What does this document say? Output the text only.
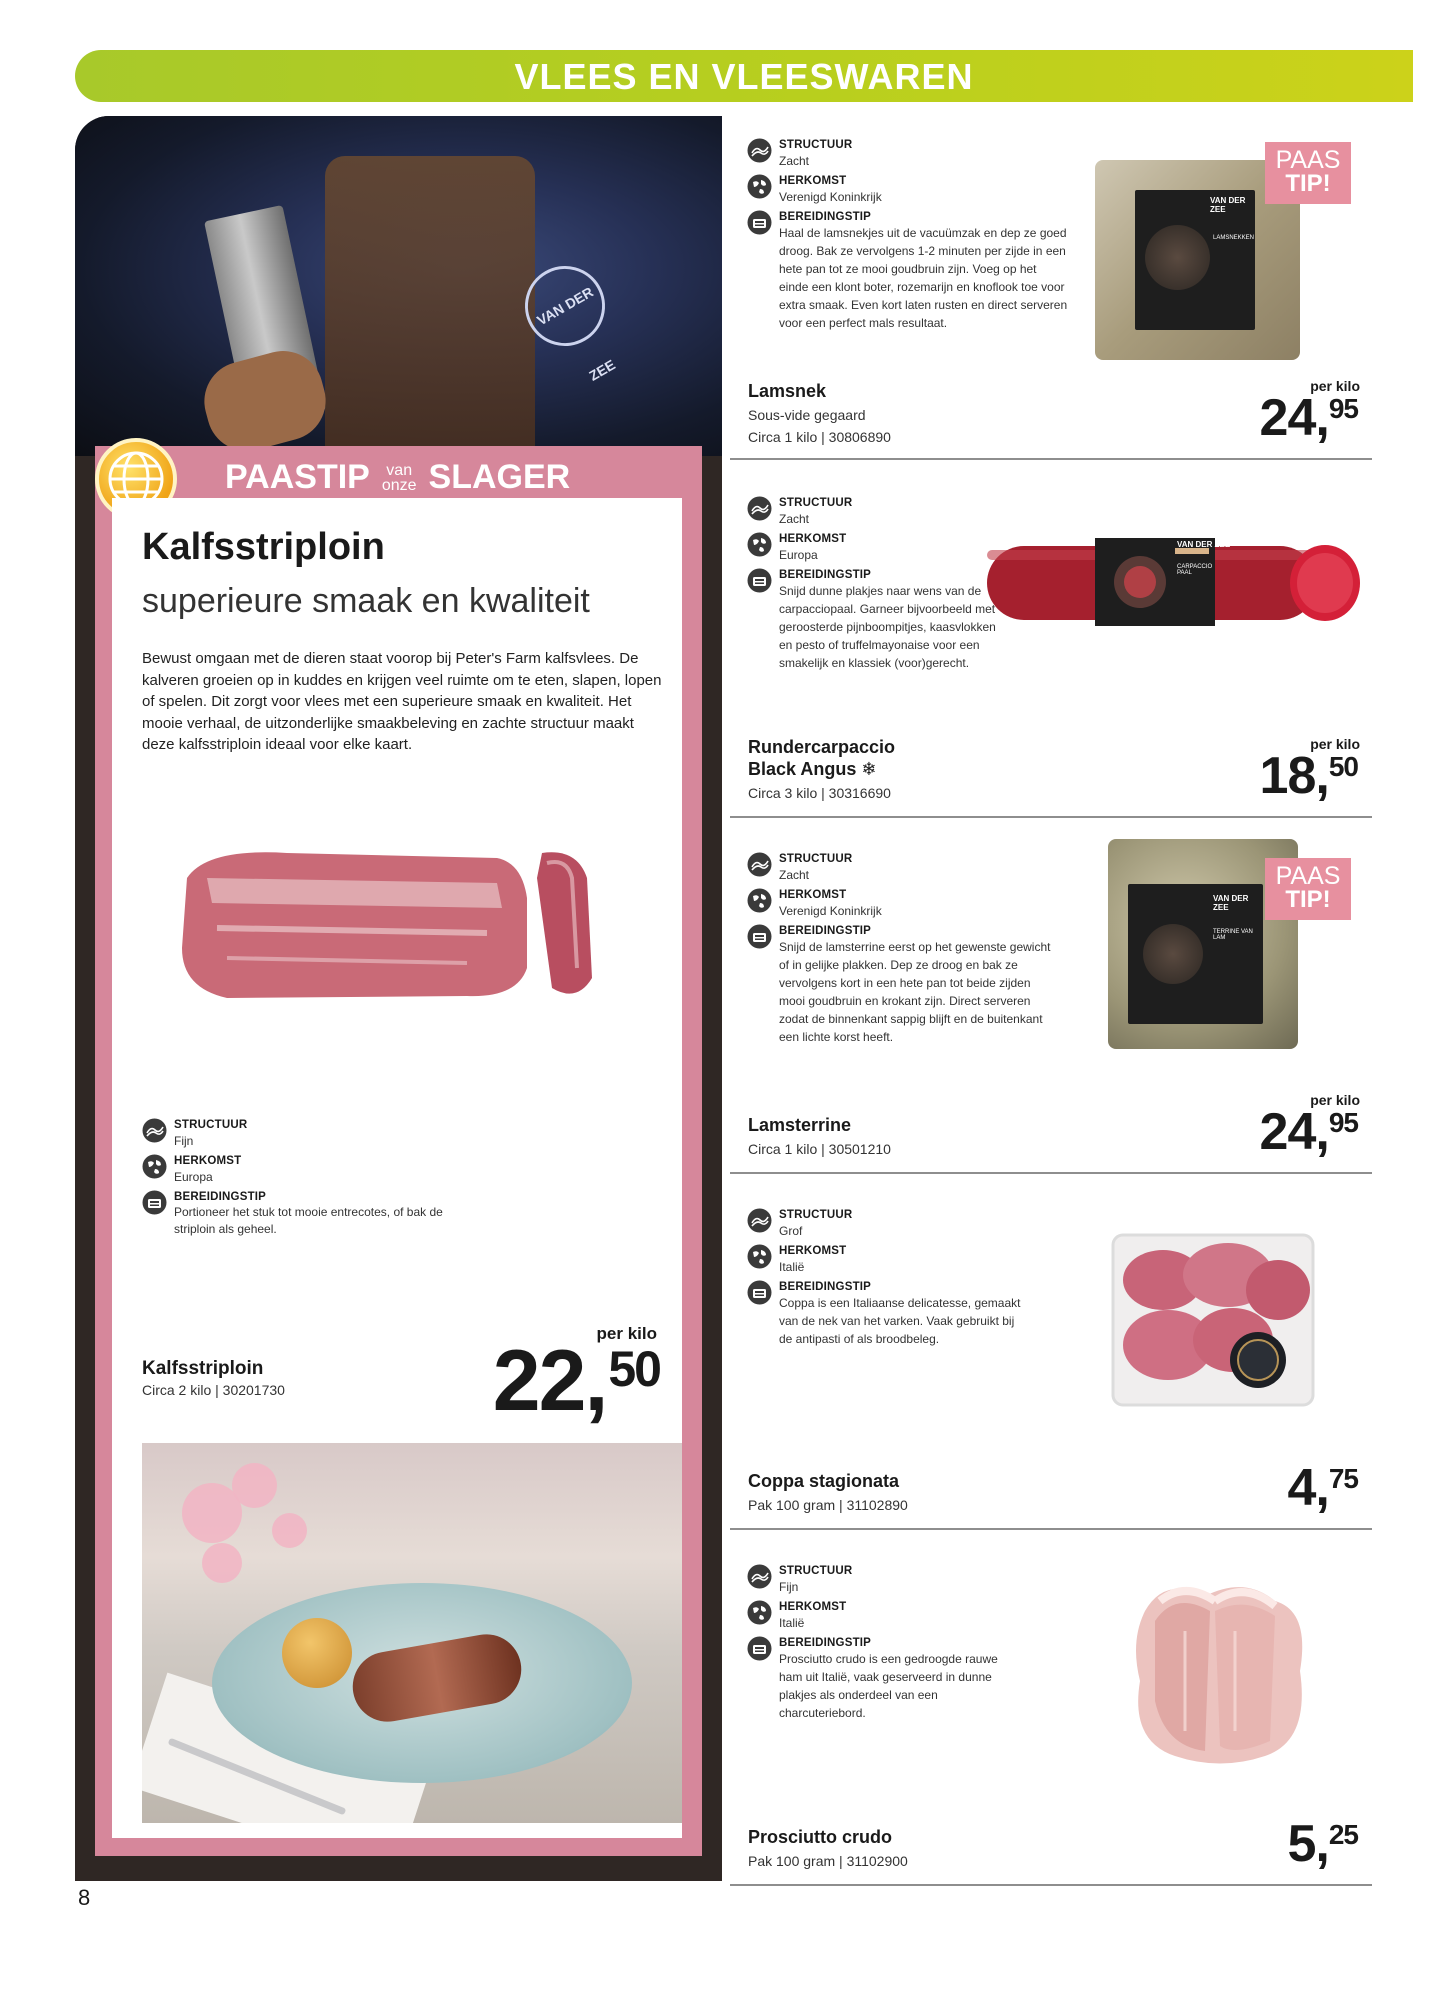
VLEES EN VLEESWAREN
VAN DER ZEE
PAASTIP van
onze SLAGER
Kalfsstriploin
superieure smaak en kwaliteit
Bewust omgaan met de dieren staat voorop bij Peter's Farm kalfsvlees. De kalveren groeien op in kuddes en krijgen veel ruimte om te eten, slapen, lopen of spelen. Dit zorgt voor vlees met een superieure smaak en kwaliteit. Het mooie verhaal, de uitzonderlijke smaakbeleving en zachte structuur maakt deze kalfsstriploin ideaal voor elke kaart.
STRUCTUUR
Fijn
HERKOMST
Europa
BEREIDINGSTIP
Portioneer het stuk tot mooie entrecotes, of bak de striploin als geheel.
per kilo
22,50
Kalfsstriploin
Circa 2 kilo | 30201730
STRUCTUUR
Zacht
HERKOMST
Verenigd Koninkrijk
BEREIDINGSTIP
Haal de lamsnekjes uit de vacuümzak en dep ze goed droog. Bak ze vervolgens 1-2 minuten per zijde in een hete pan tot ze mooi goudbruin zijn. Voeg op het einde een klont boter, rozemarijn en knoflook toe voor extra smaak. Even kort laten rusten en direct serveren voor een perfect mals resultaat.
VAN DER ZEE
LAMSNEKKEN
PAAS
TIP!
Lamsnek
Sous-vide gegaard
Circa 1 kilo | 30806890
per kilo
24,95
STRUCTUUR
Zacht
HERKOMST
Europa
BEREIDINGSTIP
Snijd dunne plakjes naar wens van de carpacciopaal. Garneer bijvoorbeeld met geroosterde pijnboompitjes, kaasvlokken en pesto of truffelmayonaise voor een smakelijk en klassiek (voor)gerecht.
VAN DER ZEE
CARPACCIO PAAL
Rundercarpaccio
Black Angus ❄
Circa 3 kilo | 30316690
per kilo
18,50
STRUCTUUR
Zacht
HERKOMST
Verenigd Koninkrijk
BEREIDINGSTIP
Snijd de lamsterrine eerst op het gewenste gewicht of in gelijke plakken. Dep ze droog en bak ze vervolgens kort in een hete pan tot beide zijden mooi goudbruin en krokant zijn. Direct serveren zodat de binnenkant sappig blijft en de buitenkant een lichte korst heeft.
VAN DER ZEE
TERRINE VAN LAM
PAAS
TIP!
Lamsterrine
Circa 1 kilo | 30501210
per kilo
24,95
STRUCTUUR
Grof
HERKOMST
Italië
BEREIDINGSTIP
Coppa is een Italiaanse delicatesse, gemaakt van de nek van het varken. Vaak gebruikt bij de antipasti of als broodbeleg.
Coppa stagionata
Pak 100 gram | 31102890	4,75
STRUCTUUR
Fijn
HERKOMST
Italië
BEREIDINGSTIP
Prosciutto crudo is een gedroogde rauwe ham uit Italië, vaak geserveerd in dunne plakjes als onderdeel van een charcuteriebord.
Prosciutto crudo
Pak 100 gram | 31102900	5,25
8
